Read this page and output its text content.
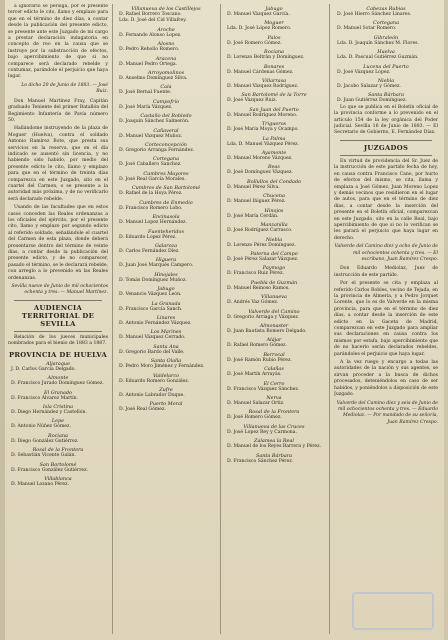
a ignorarlo se persiga, por el presente tercer edicto le cito, llamo y emplazo para que en el término de diez días, a contar desde la publicación del presente edicto, se presente ante este Juzgado de mi cargo a prestar declaración indagatoria en concepto de reo en la causa que se instruye por la substracción de efectos, bajo apercibimiento de que si no comparece será declarado rebelde y contumaz, parándole el perjuicio que haya lugar.

Lo dicho 20 de Junio de 1883. — José Ruiz.

Don Manuel Martínez Fray, Capitán graduado Teniente del primer Batallón del Regimiento Infantería de Pavía número 50.

Hallándome instruyendo de la plaza de Moguer (Huelva), contra el soldado Antonio Ramírez Bote, que presta sus servicios en la reserva, que en el día indicado se ausentó sin licencia, y no habiendo sido habido, por medio del presente edicto le cito, llamo y emplazo para que en el término de treinta días comparezca en este Juzgado, sito en el cuartel del Carmen, o se presente a la autoridad más próxima, y de no verificarlo será declarado rebelde.

Usando de las facultades que en estos casos conceden las Reales ordenanzas a los oficiales del ejército, por el presente cito, llamo y emplazo por segundo edicto al referido soldado, señalándole el cuartel del Carmen de esta plaza, donde deberá presentarse dentro del término de veinte días, a contar desde la publicación del presente edicto, y de no comparecer, pasado el término, se le declarará rebelde, con arreglo a lo prevenido en las Reales ordenanzas.

Sevilla nueve de Junio de mil ochocientos ochenta y tres. — Manuel Martínez.

AUDIENCIA TERRITORIAL DE SEVILLA

Relación de los jueces municipales nombrados para el bienio de 1883 a 1887.

PROVINCIA DE HUELVA
Aljaraque

J. D. Carlos García Delgado.

Almonte

D. Francisco Jurado Domínguez Gómez.

El Granado

D. Francisco Álvarez Martín.

Isla Cristina

D. Diego Hernández y Castellón.

Lepe

D. Antonio Núñez Gómez.

Rociana

D. Diego González Gutiérrez.

Rosal de la Frontera

D. Sebastián Vicente Galán.

San Bartolomé

D. Francisco González Gutiérrez.

Villablanca

D. Manuel Lozano Pérez.

Villanueva de los Castillejos

D. Rafael Borrero Toscano.

Lda. D. José del Cid Villafrey.

Aroche

D. Fernando Alonso Lopez.

Alosno

D. Pedro Rebollo Romero.

Aracena

D. Manuel Pedro Ortega.

Arroyomolinos

D. Anselmo Domínguez Silva.

Cala

D. José Bernal Fuente.

Campofrío

D. José María Vázquez.

Castaño del Robledo

D. Joaquín Sánchez Salmerón.

Cañaveral

D. Manuel Vázquez Muñoz.

Corteconcepción

D. Gregorio Arranga Fernández.

Cortegana

D. José Caballero Sanchez.

Cumbres Mayores

D. José Real García Morales.

Cumbres de San Bartolomé

D. Rafael de la Hoya Pérez.

Cumbres de Enmedio

D. Francisco Romero Lobo.

Encinasola

D. Manuel Lopez Hernández.

Fuenteheridos

D. Eduardo Lopez Pérez.

Galaroza

D. Carlos Fernández Díez.

Higuera

D. Juan José Marqués Campero.

Hinojales

D. Tomás Domínguez Muñoz.

Jabugo

D. Venancio Vázquez León.

La Granada

D. Francisco García Sanch.

Linares

D. Antonio Fernández Vázquez.

Los Marines

D. Manuel Vázquez Cerrado.

Santa Ana

D. Gregorio Bardo del Valle.

Santa Olalla

D. Pedro Moro Jiménez y Fernández.

Valdelarco

D. Eduardo Romero González.

Zufre

D. Antonio Labrador Duque.

Puerto Moral

D. José Real Gómez.

Jabugo

D. Manuel Vázquez García.

Moguer

Lda. D. José López Romero.

Palos

D. José Romero Gómez.

Rociana

D. Lorenzo Beltrán y Domínguez.

Bonares

D. Manuel Cárdenas Gómez.

Villarrasa

D. Manuel Vázquez Rodríguez.

San Bartolomé de la Torre

D. José Vázquez Ruiz.

San Juan del Puerto

D. Manuel Rodríguez Moreno.

Trigueros

D. José María Moya y Ocampo.

La Palma

Lda. D. Manuel Vázquez Pérez.

Ayamonte

D. Manuel Moreno Vázquez.

Beas

D. José Domínguez Vázquez.

Bollullos del Condado

D. Manuel Pérez Silva.

Chucena

D. Manuel Iñiguez Pérez.

Hinojos

D. José María Cerdán.

Manzanilla

D. José Rodríguez Carrasco.

Niebla

D. Lorenzo Pérez Domínguez.

Paterna del Campo

D. José Pérez Salazar Vázquez.

Paymogo

D. Francisco Ruiz Pérez.

Puebla de Guzmán

D. Manuel Reinoso Ramos.

Villanueva

D. Andrés Vaz Gómez.

Valverde del Camino

D. Gregorio Arriaga y Vázquez.

Almonaster

D. Juan Bautista Romero Delgado.

Alájar

D. Rafael Romero Gómez.

Berrocal

D. José Ramón Rubio Pérez.

Calañas

D. José Martín Arrayás.

El Cerro

D. Francisco Vázquez Sánchez.

Nerva

D. Manuel Salazar Ortiz.

Rosal de la Frontera

D. José Romero Gómez.

Villanueva de las Cruces

D. José Lopez Rey y Carmona.

Zalamea la Real

D. Manuel de los Reyes Barrera y Pérez.

Santa Bárbara

D. Francisco Sánchez Pérez.

Cabezas Rubias

D. José Hierro Sánchez Linares.

Cortegana

D. Manuel Sotar Romero.

Gibraleón

Lda. D. Joaquín Sánchez M. Flores.

Huelva

Lda. D. Pascual Gutiérrez Guzmán.

Lucena del Puerto

D. José Vázquez Lopez.

Niebla

D. Jacobo Salazar y Gómez.

Santa Bárbara

D. Juan Gutiérrez Domínguez.

Lo que se publica en el Boletín oficial de la provincia conforme a lo prevenido en el artículo 154 de la ley orgánica del Poder judicial. Sevilla 16 de Junio de 1883. — El Secretario de Gobierno, E. Fernández Díaz.

JUZGADOS

En virtud de providencia del Sr. Juez de la instrucción de este partido fecha de hoy, en causa contra Francisco Cano, por hurto de efectos del mismo, se cita, llama y emplaza a José Gómez, Juan Moreno Lopez y demás vecinos que residieron en el lugar de autos, para que en el término de diez días, a contar desde la inserción del presente en el Boletín oficial, comparezcan en este Juzgado, sito en la calle Real, bajo apercibimiento de que si no lo verifican se les parará el perjuicio que haya lugar en derecho.

Valverde del Camino diez y ocho de Junio de mil ochocientos ochenta y tres. — El escribano, Juan Ramírez Crespo.

Don Eduardo Mediolaz, Juez de instrucción de este partido.

Por el presente se cita y emplaza al referido Carlos Robles, vecino de Tejada, en la provincia de Almería, y a Pedro Jorquet Lorente, que lo es de Valverde en la misma provincia, para que en el término de diez días, a contar desde la inserción de este edicto en la Gaceta de Madrid, comparezcan en este Juzgado para ampliar sus declaraciones en causa contra los mismos por estafa, bajo apercibimiento que de no hacerlo serán declarados rebeldes, parándoles el perjuicio que haya lugar.

A la vez ruego y encargo a todas las autoridades de la nación y sus agentes, se sirvan proceder a la busca de dichos procesados, deteniéndolos en caso de ser habidos, y poniéndolos a disposición de este Juzgado.

Valverde del Camino diez y seis de Junio de mil ochocientos ochenta y tres. — Eduardo Mediolaz. — Por mandado de su señoría, Juan Ramírez Crespo.
